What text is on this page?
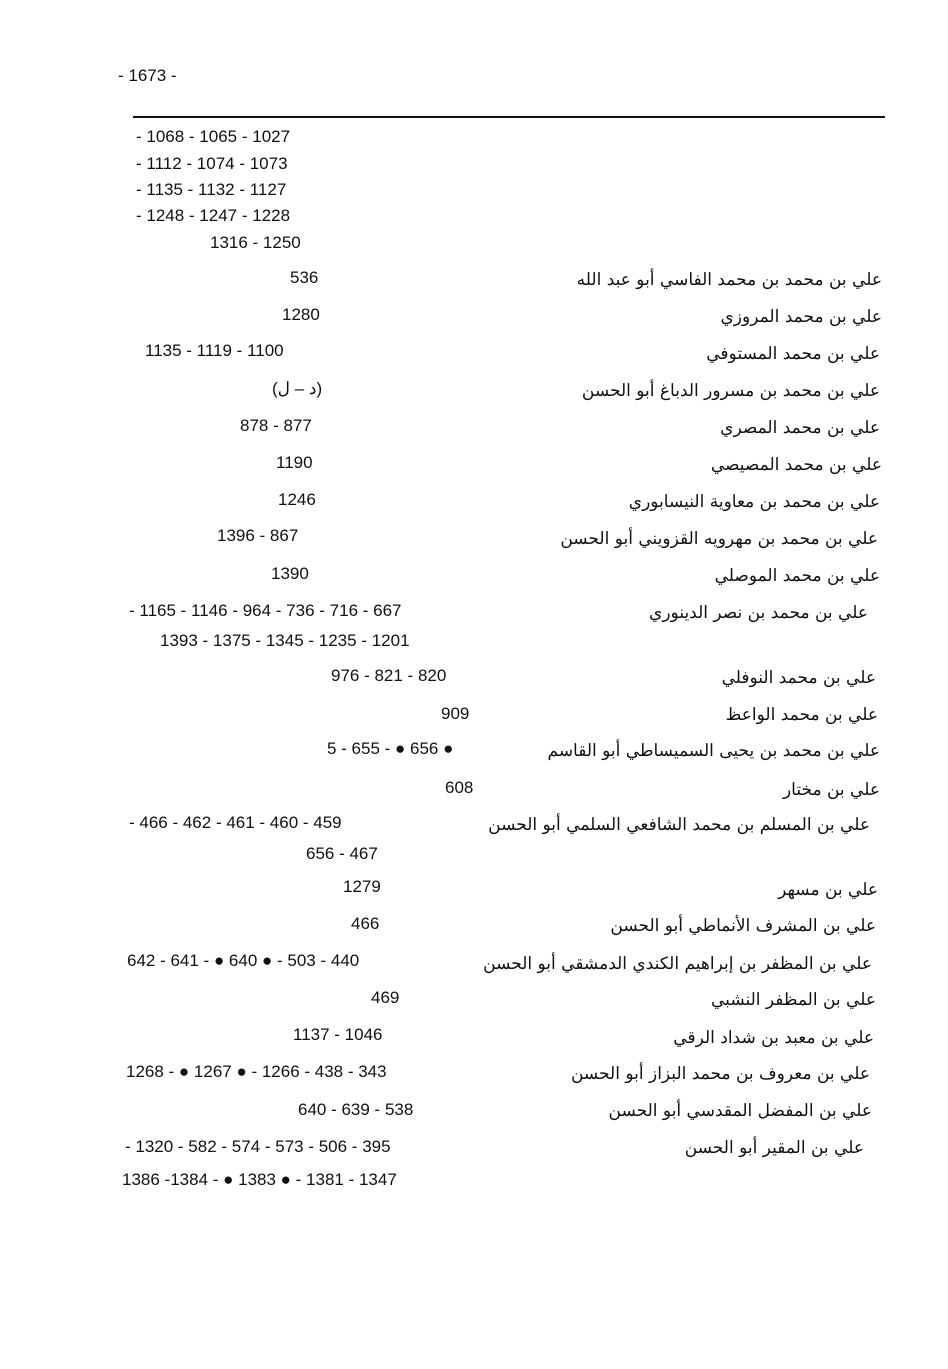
- 1673 -
- 1068 - 1065 - 1027
- 1112 - 1074 - 1073
- 1135 - 1132 - 1127
- 1248 - 1247 - 1228
1316 - 1250
علي بن محمد بن محمد الفاسي أبو عبد الله
536
علي بن محمد المروزي
1280
علي بن محمد المستوفي
1135 - 1119 - 1100
علي بن محمد بن مسرور الدباغ أبو الحسن
(د – ل)
علي بن محمد المصري
878 - 877
علي بن محمد المصيصي
1190
علي بن محمد بن معاوية النيسابوري
1246
علي بن محمد بن مهرويه القزويني أبو الحسن
1396 - 867
علي بن محمد الموصلي
1390
علي بن محمد بن نصر الدينوري
- 1165 - 1146 - 964 - 736 - 716 - 667
1393 - 1375 - 1345 - 1235 - 1201
علي بن محمد النوفلي
976 - 821 - 820
علي بن محمد الواعظ
909
علي بن محمد بن يحيى السميساطي أبو القاسم
5 - 655 - ● 656 ●
علي بن مختار
608
علي بن المسلم بن محمد الشافعي السلمي أبو الحسن
- 466 - 462 - 461 - 460 - 459
656 - 467
علي بن مسهر
1279
علي بن المشرف الأنماطي أبو الحسن
466
علي بن المظفر بن إبراهيم الكندي الدمشقي أبو الحسن
642 - 641 - ● 640 ● - 503 - 440
علي بن المظفر النشبي
469
علي بن معبد بن شداد الرقي
1137 - 1046
علي بن معروف بن محمد البزاز أبو الحسن
1268 - ● 1267 ● - 1266 - 438 - 343
علي بن المفضل المقدسي أبو الحسن
640 - 639 - 538
علي بن المقير أبو الحسن
- 1320 - 582 - 574 - 573 - 506 - 395
1386 -1384 - ● 1383 ● - 1381 - 1347
